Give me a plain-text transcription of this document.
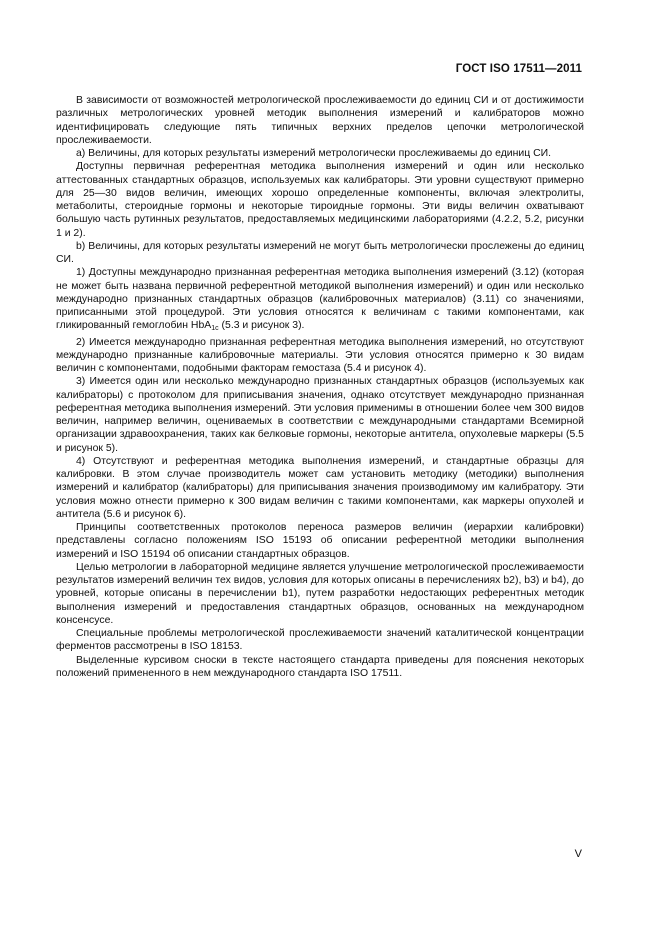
ГОСТ ISO 17511—2011

В зависимости от возможностей метрологической прослеживаемости до единиц СИ и от достижимости различных метрологических уровней методик выполнения измерений и калибраторов можно идентифицировать следующие пять типичных верхних пределов цепочки метрологической прослеживаемости.

a) Величины, для которых результаты измерений метрологически прослеживаемы до единиц СИ.

Доступны первичная референтная методика выполнения измерений и один или несколько аттестованных стандартных образцов, используемых как калибраторы. Эти уровни существуют примерно для 25—30 видов величин, имеющих хорошо определенные компоненты, включая электролиты, метаболиты, стероидные гормоны и некоторые тироидные гормоны. Эти виды величин охватывают большую часть рутинных результатов, предоставляемых медицинскими лабораториями (4.2.2, 5.2, рисунки 1 и 2).

b) Величины, для которых результаты измерений не могут быть метрологически прослежены до единиц СИ.

1) Доступны международно признанная референтная методика выполнения измерений (3.12) (которая не может быть названа первичной референтной методикой выполнения измерений) и один или несколько международно признанных стандартных образцов (калибровочных материалов) (3.11) со значениями, приписанными этой процедурой. Эти условия относятся к величинам с такими компонентами, как гликированный гемоглобин HbA$_{1c}$ (5.3 и рисунок 3).

2) Имеется международно признанная референтная методика выполнения измерений, но отсутствуют международно признанные калибровочные материалы. Эти условия относятся примерно к 30 видам величин с компонентами, подобными факторам гемостаза (5.4 и рисунок 4).

3) Имеется один или несколько международно признанных стандартных образцов (используемых как калибраторы) с протоколом для приписывания значения, однако отсутствует международно признанная референтная методика выполнения измерений. Эти условия применимы в отношении более чем 300 видов величин, например величин, оцениваемых в соответствии с международными стандартами Всемирной организации здравоохранения, таких как белковые гормоны, некоторые антитела, опухолевые маркеры (5.5 и рисунок 5).

4) Отсутствуют и референтная методика выполнения измерений, и стандартные образцы для калибровки. В этом случае производитель может сам установить методику (методики) выполнения измерений и калибратор (калибраторы) для приписывания значения производимому им калибратору. Эти условия можно отнести примерно к 300 видам величин с такими компонентами, как маркеры опухолей и антитела (5.6 и рисунок 6).

Принципы соответственных протоколов переноса размеров величин (иерархии калибровки) представлены согласно положениям ISO 15193 об описании референтной методики выполнения измерений и ISO 15194 об описании стандартных образцов.

Целью метрологии в лабораторной медицине является улучшение метрологической прослеживаемости результатов измерений величин тех видов, условия для которых описаны в перечислениях b2), b3) и b4), до уровней, которые описаны в перечислении b1), путем разработки недостающих референтных методик выполнения измерений и предоставления стандартных образцов, основанных на международном консенсусе.

Специальные проблемы метрологической прослеживаемости значений каталитической концентрации ферментов рассмотрены в ISO 18153.

Выделенные курсивом сноски в тексте настоящего стандарта приведены для пояснения некоторых положений примененного в нем международного стандарта ISO 17511.

V
